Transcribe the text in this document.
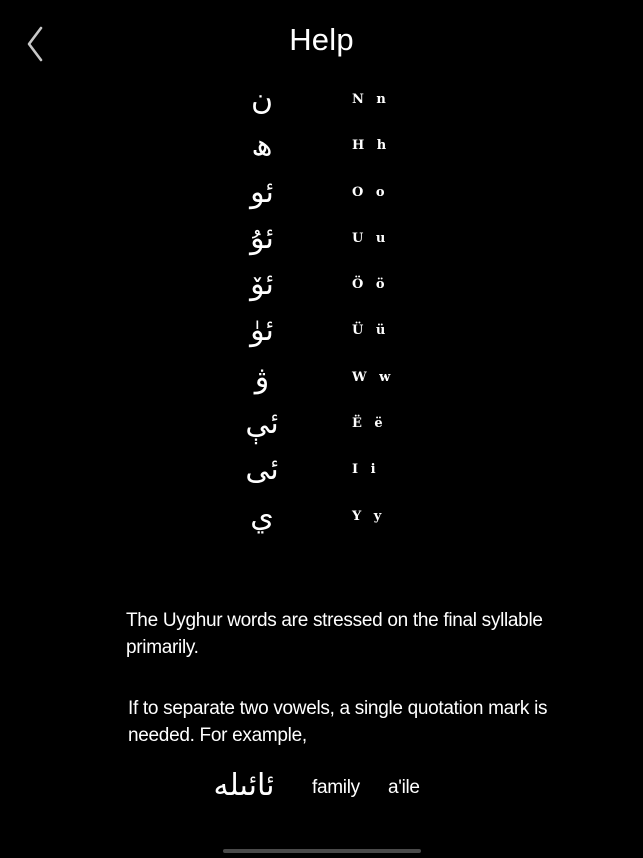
Help
ن	N n
ھ	H h
ئو	O o
ئۇ	U u
ئۆ	Ö ö
ئۈ	Ü ü
ۋ	W w
ئې	Ë ë
ئى	I i
ي	Y y
The Uyghur words are stressed on the final syllable primarily.
If to separate two vowels, a single quotation mark is needed. For example,
ئائىله	family a'ile
